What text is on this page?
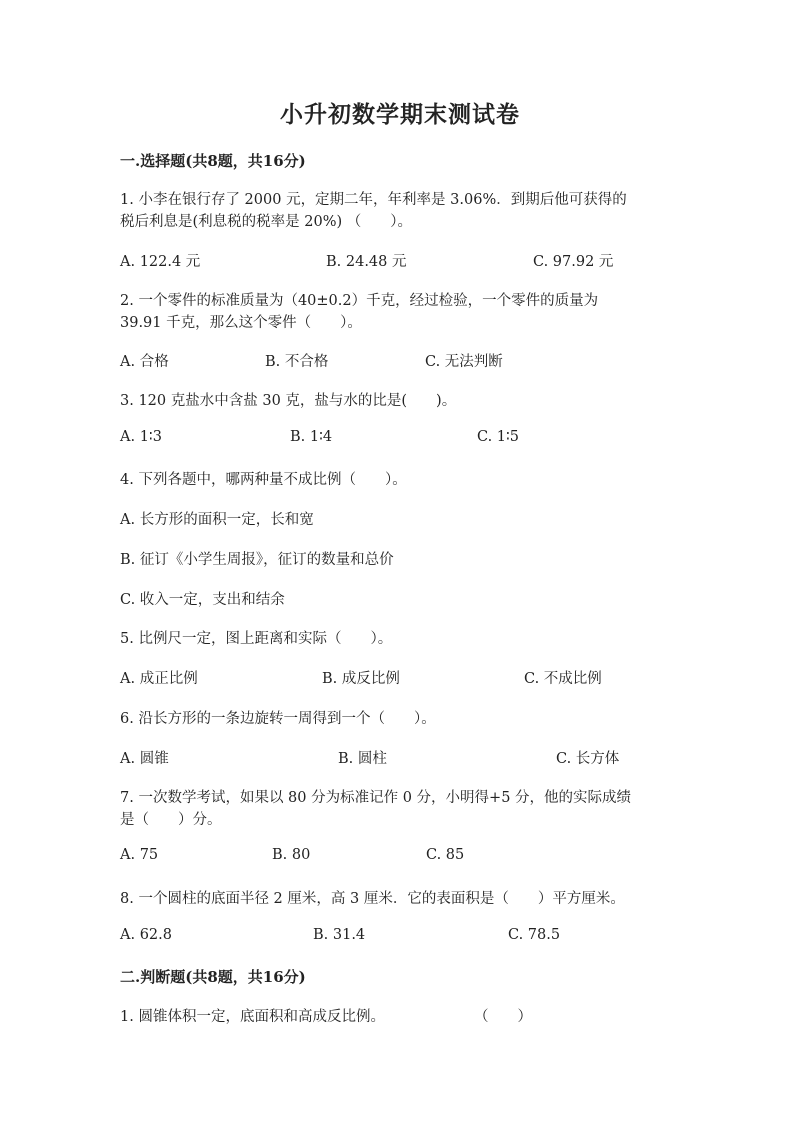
小升初数学期末测试卷
一.选择题(共8题，共16分)
1. 小李在银行存了 2000 元，定期二年，年利率是 3.06%．到期后他可获得的
税后利息是(利息税的税率是 20%) （　　）。
A. 122.4 元	B. 24.48 元	C. 97.92 元
2. 一个零件的标准质量为（40±0.2）千克，经过检验，一个零件的质量为
39.91 千克，那么这个零件（　　）。
A. 合格	B. 不合格	C. 无法判断
3. 120 克盐水中含盐 30 克，盐与水的比是(　　)。
A. 1∶3	B. 1∶4	C. 1∶5
4. 下列各题中，哪两种量不成比例（　　）。
A. 长方形的面积一定，长和宽
B. 征订《小学生周报》，征订的数量和总价
C. 收入一定，支出和结余
5. 比例尺一定，图上距离和实际（　　）。
A. 成正比例	B. 成反比例	C. 不成比例
6. 沿长方形的一条边旋转一周得到一个（　　）。
A. 圆锥	B. 圆柱	C. 长方体
7. 一次数学考试，如果以 80 分为标准记作 0 分，小明得+5 分，他的实际成绩
是（　　）分。
A. 75	B. 80	C. 85
8. 一个圆柱的底面半径 2 厘米，高 3 厘米．它的表面积是（　　）平方厘米。
A. 62.8	B. 31.4	C. 78.5
二.判断题(共8题，共16分)
1. 圆锥体积一定，底面积和高成反比例。	（　　）
